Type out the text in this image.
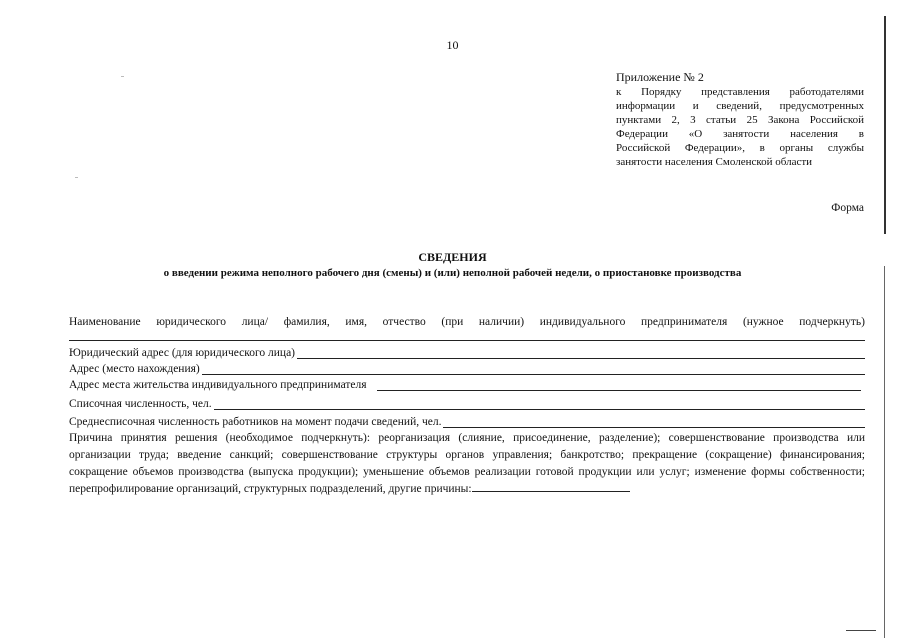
10
Приложение № 2
к Порядку представления работодателями
информации и сведений, предусмотренных
пунктами 2, 3 статьи 25 Закона Российской
Федерации «О занятости населения в
Российской Федерации», в органы службы
занятости населения Смоленской области
Форма
СВЕДЕНИЯ
о введении режима неполного рабочего дня (смены) и (или) неполной рабочей недели, о приостановке производства
Наименование юридического лица/ фамилия, имя, отчество (при наличии) индивидуального предпринимателя (нужное подчеркнуть)
Юридический адрес (для юридического лица)
Адрес (место нахождения)
Адрес места жительства индивидуального предпринимателя
Списочная численность, чел.
Среднесписочная численность работников на момент подачи сведений, чел.
Причина принятия решения (необходимое подчеркнуть): реорганизация (слияние, присоединение, разделение); совершенствование производства или организации труда; введение санкций; совершенствование структуры органов управления; банкротство; прекращение (сокращение) финансирования; сокращение объемов производства (выпуска продукции); уменьшение объемов реализации готовой продукции или услуг; изменение формы собственности; перепрофилирование организаций, структурных подразделений, другие причины:
